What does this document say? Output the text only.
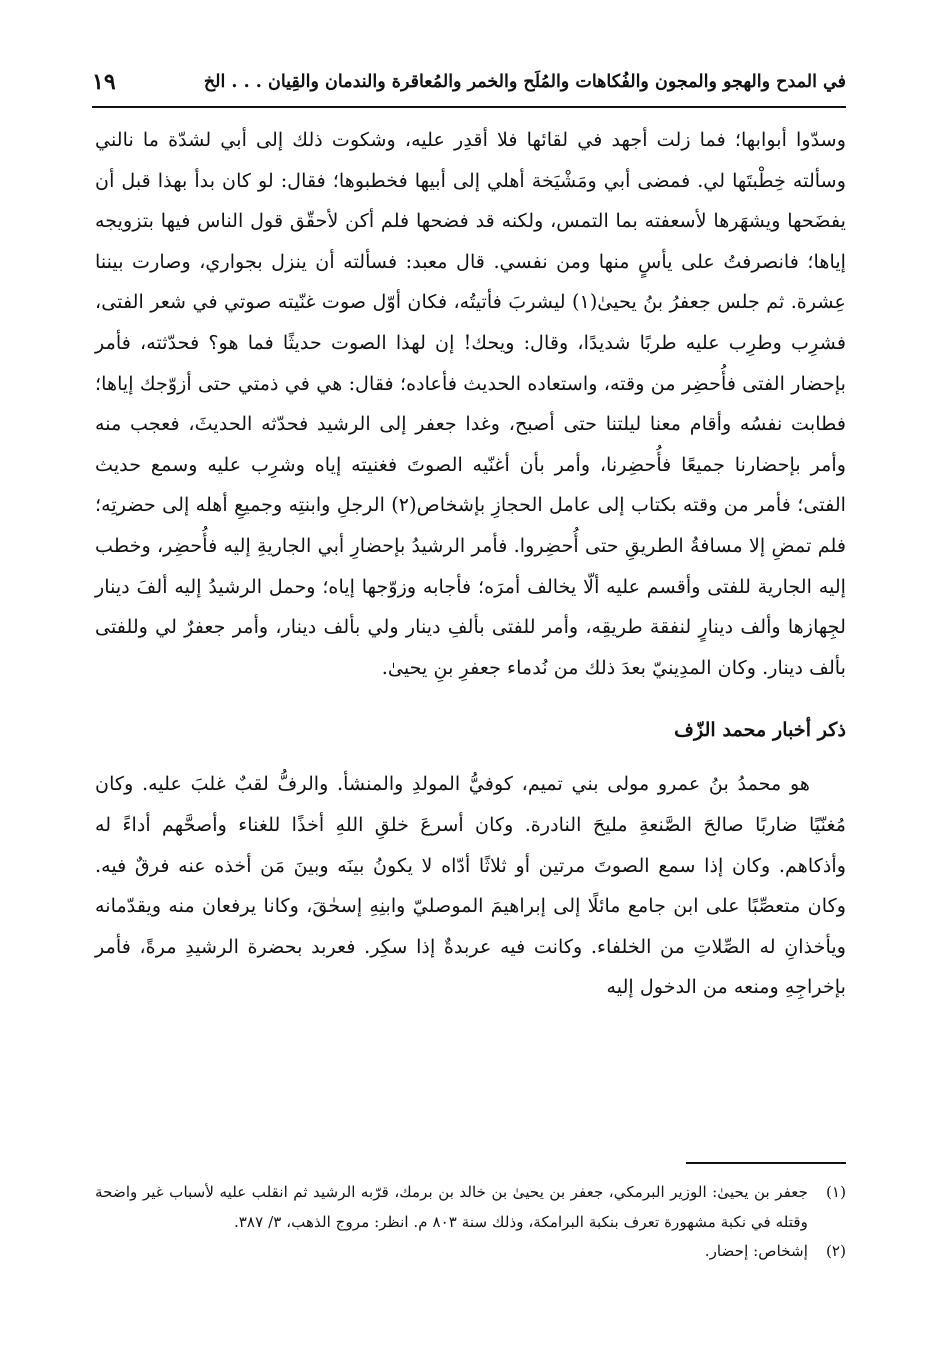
في المدح والهجو والمجون والفُكاهات والمُلَح والخمر والمُعاقرة والندمان والقِيان . . . الخ
١٩

وسدّوا أبوابها؛ فما زلت أجهد في لقائها فلا أقدِر عليه، وشكوت ذلك إلى أبي لشدّة ما نالني وسألته خِطْبتَها لي. فمضى أبي ومَشْيَخة أهلي إلى أبيها فخطبوها؛ فقال: لو كان بدأ بهذا قبل أن يفضَحها ويشهَرها لأسعفته بما التمس، ولكنه قد فضحها فلم أكن لأحقّق قول الناس فيها بتزويجه إياها؛ فانصرفتُ على يأسٍ منها ومن نفسي. قال معبد: فسألته أن ينزل بجواري، وصارت بيننا عِشرة. ثم جلس جعفرُ بنُ يحيىٰ(١) ليشربَ فأتيتُه، فكان أوّل صوت غنّيته صوتي في شعر الفتى، فشرِب وطرِب عليه طربًا شديدًا، وقال: ويحك! إن لهذا الصوت حديثًا فما هو؟ فحدّثته، فأمر بإحضار الفتى فأُحضِر من وقته، واستعاده الحديث فأعاده؛ فقال: هي في ذمتي حتى أزوّجك إياها؛ فطابت نفسُه وأقام معنا ليلتنا حتى أصبح، وغدا جعفر إلى الرشيد فحدّثه الحديثَ، فعجب منه وأمر بإحضارنا جميعًا فأُحضِرنا، وأمر بأن أغنّيه الصوتَ فغنيته إياه وشرِب عليه وسمع حديث الفتى؛ فأمر من وقته بكتاب إلى عامل الحجازِ بإشخاص(٢) الرجلِ وابنتِه وجميعِ أهله إلى حضرتِه؛ فلم تمضِ إلا مسافةُ الطريقِ حتى أُحضِروا. فأمر الرشيدُ بإحضارِ أبي الجاريةِ إليه فأُحضِر، وخطب إليه الجارية للفتى وأقسم عليه ألّا يخالف أمرَه؛ فأجابه وزوّجها إياه؛ وحمل الرشيدُ إليه ألفَ دينار لجِهازها وألف دينارٍ لنفقة طريقِه، وأمر للفتى بألفِ دينار ولي بألف دينار، وأمر جعفرٌ لي وللفتى بألف دينار. وكان المدِينيّ بعدَ ذلك من نُدماء جعفرِ بنِ يحيىٰ.

ذكر أخبار محمد الزّف

هو محمدُ بنُ عمرو مولى بني تميم، كوفيُّ المولدِ والمنشأ. والرفُّ لقبٌ غلبَ عليه. وكان مُغنّيًا ضاربًا صالحَ الصَّنعةِ مليحَ النادرة. وكان أسرعَ خلقِ اللهِ أخذًا للغناء وأصحَّهم أداءً له وأذكاهم. وكان إذا سمع الصوتَ مرتين أو ثلاثًا أدّاه لا يكونُ بينَه وبينَ مَن أخذه عنه فرقٌ فيه. وكان متعصِّبًا على ابن جامع مائلًا إلى إبراهيمَ الموصليّ وابنِهِ إسحٰقَ، وكانا يرفعان منه ويقدّمانه ويأخذانِ له الصِّلاتِ من الخلفاء. وكانت فيه عربدةٌ إذا سكِر. فعربد بحضرة الرشيدِ مرةً، فأمر بإخراجِهِ ومنعه من الدخول إليه

(١)
جعفر بن يحيىٰ: الوزير البرمكي، جعفر بن يحيىٰ بن خالد بن برمك، قرّبه الرشيد ثم انقلب عليه لأسباب غير واضحة وقتله في نكبة مشهورة تعرف بنكبة البرامكة، وذلك سنة ٨٠٣ م. انظر: مروج الذهب، ٣/ ٣٨٧.
(٢)
إشخاص: إحضار.
